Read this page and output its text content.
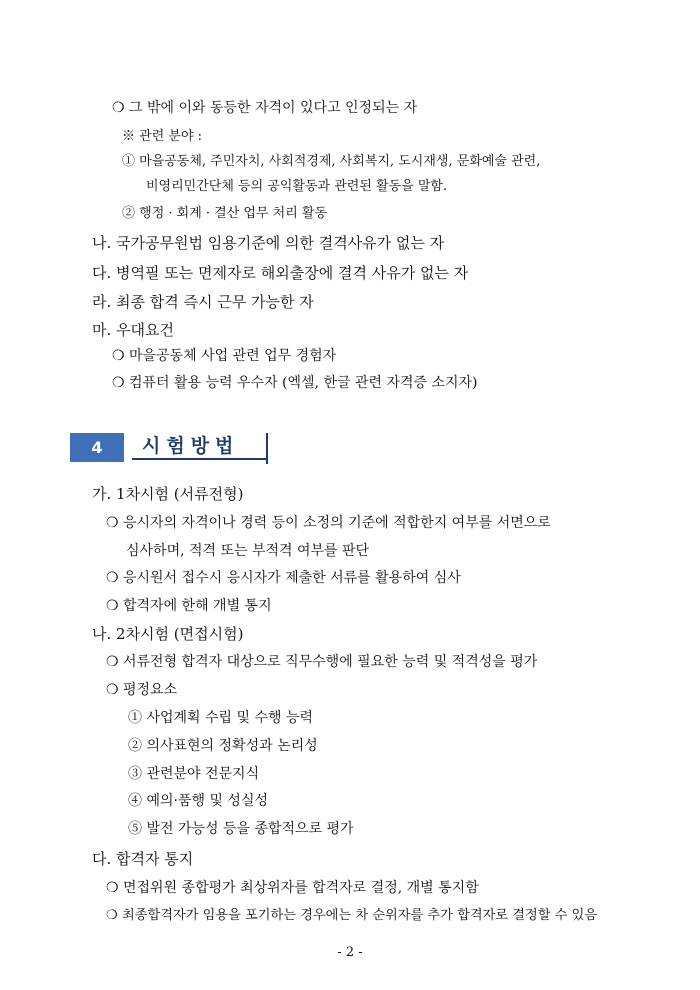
❍ 그 밖에 이와 동등한 자격이 있다고 인정되는 자
※ 관련 분야 :
① 마을공동체, 주민자치, 사회적경제, 사회복지, 도시재생, 문화예술 관련,
비영리민간단체 등의 공익활동과 관련된 활동을 말함.
② 행정 · 회계 · 결산 업무 처리 활동
나. 국가공무원법 임용기준에 의한 결격사유가 없는 자
다. 병역필 또는 면제자로 해외출장에 결격 사유가 없는 자
라. 최종 합격 즉시 근무 가능한 자
마. 우대요건
❍ 마을공동체 사업 관련 업무 경험자
❍ 컴퓨터 활용 능력 우수자 (엑셀, 한글 관련 자격증 소지자)
4	시험방법
가. 1차시험 (서류전형)
❍ 응시자의 자격이나 경력 등이 소정의 기준에 적합한지 여부를 서면으로
심사하며, 적격 또는 부적격 여부를 판단
❍ 응시원서 접수시 응시자가 제출한 서류를 활용하여 심사
❍ 합격자에 한해 개별 통지
나. 2차시험 (면접시험)
❍ 서류전형 합격자 대상으로 직무수행에 필요한 능력 및 적격성을 평가
❍ 평정요소
① 사업계획 수립 및 수행 능력
② 의사표현의 정확성과 논리성
③ 관련분야 전문지식
④ 예의·품행 및 성실성
⑤ 발전 가능성 등을 종합적으로 평가
다. 합격자 통지
❍ 면접위원 종합평가 최상위자를 합격자로 결정, 개별 통지함
❍ 최종합격자가 임용을 포기하는 경우에는 차 순위자를 추가 합격자로 결정할 수 있음
- 2 -
